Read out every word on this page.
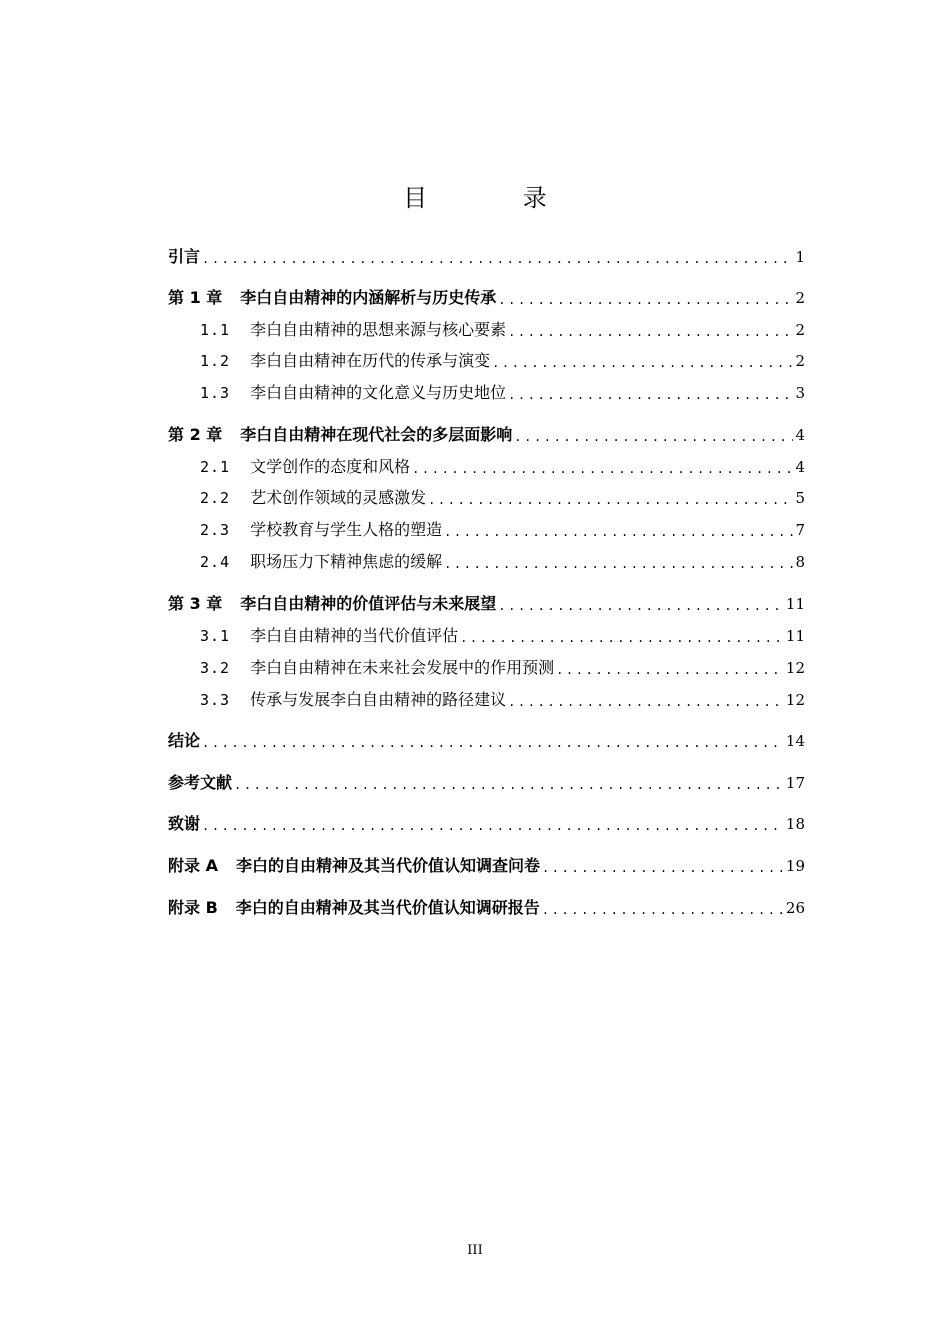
目 录
引言 .....	1
第 1 章 李白自由精神的内涵解析与历史传承 .....	2
1.1 李白自由精神的思想来源与核心要素 .....	2
1.2 李白自由精神在历代的传承与演变 .....	2
1.3 李白自由精神的文化意义与历史地位 .....	3
第 2 章 李白自由精神在现代社会的多层面影响 .....	4
2.1 文学创作的态度和风格 .....	4
2.2 艺术创作领域的灵感激发 .....	5
2.3 学校教育与学生人格的塑造 .....	7
2.4 职场压力下精神焦虑的缓解 .....	8
第 3 章 李白自由精神的价值评估与未来展望 .....	11
3.1 李白自由精神的当代价值评估 .....	11
3.2 李白自由精神在未来社会发展中的作用预测 .....	12
3.3 传承与发展李白自由精神的路径建议 .....	12
结论 .....	14
参考文献 .....	17
致谢 .....	18
附录 A 李白的自由精神及其当代价值认知调查问卷 .....	19
附录 B 李白的自由精神及其当代价值认知调研报告 .....	26
III
